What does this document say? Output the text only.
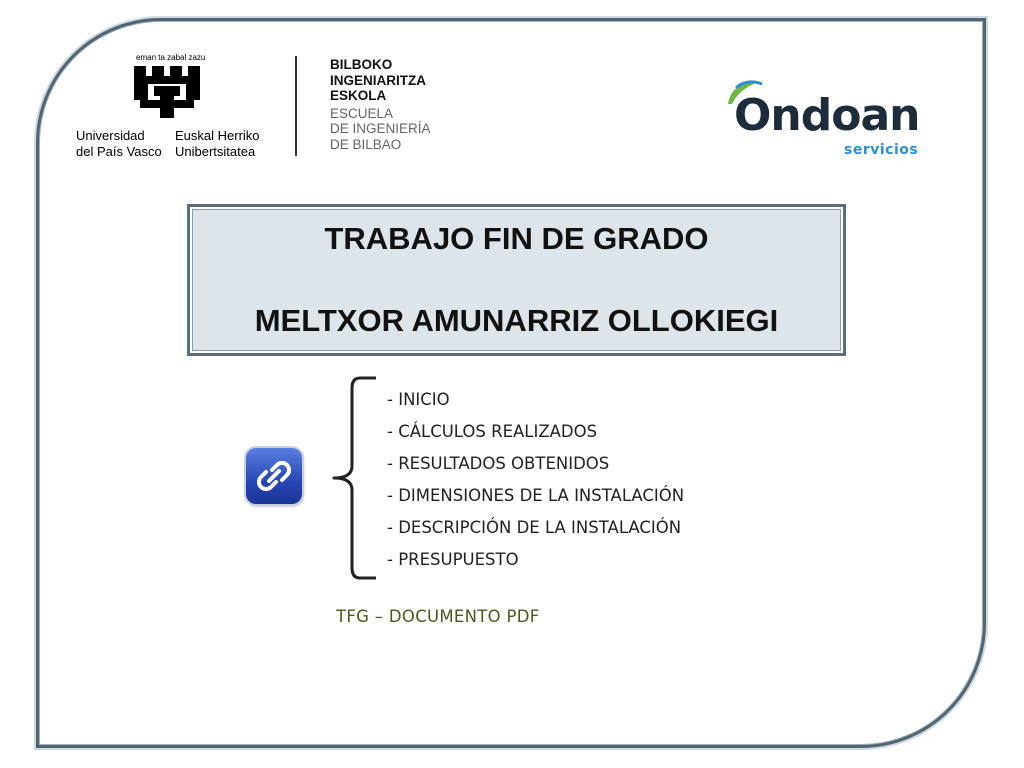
eman ta zabal zazu
Universidad
del País Vasco
Euskal Herriko
Unibertsitatea
BILBOKO
INGENIARITZA
ESKOLA
ESCUELA
DE INGENIERÍA
DE BILBAO
Ondoan
servicios
TRABAJO FIN DE GRADO
MELTXOR AMUNARRIZ OLLOKIEGI
- INICIO
- CÁLCULOS REALIZADOS
- RESULTADOS OBTENIDOS
- DIMENSIONES DE LA INSTALACIÓN
- DESCRIPCIÓN DE LA INSTALACIÓN
- PRESUPUESTO
TFG – DOCUMENTO PDF
